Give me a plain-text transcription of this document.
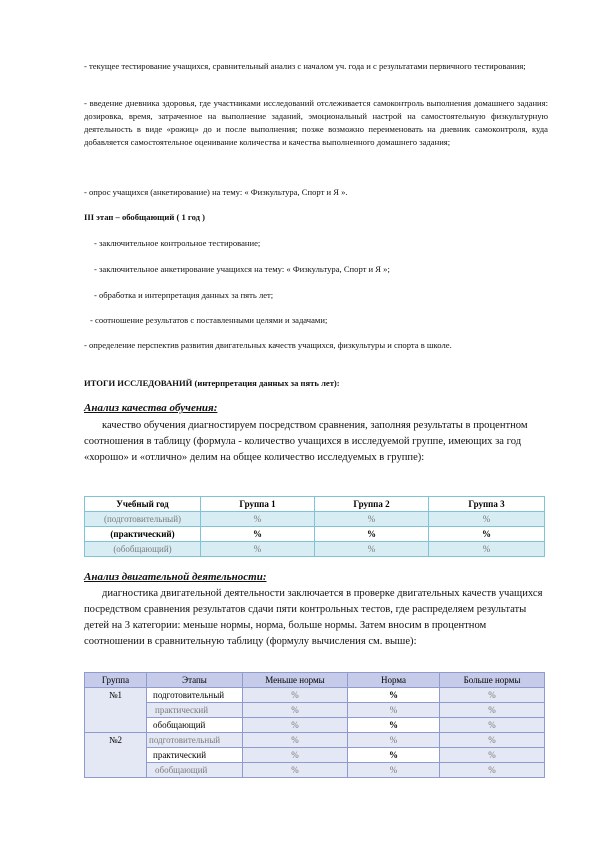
- текущее тестирование учащихся, сравнительный анализ с началом уч. года и с результатами первичного тестирования;

- введение дневника здоровья, где участниками исследований отслеживается самоконтроль выполнения домашнего задания: дозировка, время, затраченное на выполнение заданий, эмоциональный настрой на самостоятельную физкультурную деятельность в виде «рожиц» до и после выполнения; позже возможно переименовать на дневник самоконтроля, куда добавляется самостоятельное оценивание количества и качества выполненного домашнего задания;

- опрос учащихся (анкетирование) на тему: « Физкультура, Спорт и Я ».

III этап – обобщающий ( 1 год )

- заключительное контрольное тестирование;

- заключительное анкетирование учащихся на тему: « Физкультура, Спорт и Я »;

- обработка и интерпретация данных за пять лет;

- соотношение результатов с поставленными целями и задачами;

- определение перспектив развития двигательных качеств учащихся, физкультуры и спорта в школе.

ИТОГИ ИССЛЕДОВАНИЙ (интерпретация данных за пять лет):

Анализ качества обучения:

качество обучения диагностируем посредством сравнения, заполняя результаты в процентном соотношения в таблицу (формула - количество учащихся в исследуемой группе, имеющих за год «хорошо» и «отлично» делим на общее количество исследуемых в группе):

Учебный год	Группа 1	Группа 2	Группа 3
(подготовительный)	%	%	%
(практический)	%	%	%
(обобщающий)	%	%	%

Анализ двигательной деятельности:

диагностика двигательной деятельности заключается в проверке двигательных качеств учащихся посредством сравнения результатов сдачи пяти контрольных тестов, где распределяем результаты детей на 3 категории: меньше нормы, норма, больше нормы. Затем вносим в процентном соотношении в сравнительную таблицу (формулу вычисления см. выше):

Группа	Этапы	Меньше нормы	Норма	Больше нормы
№1	подготовительный	%	%	%
	практический	%	%	%
	обобщающий	%	%	%
№2	подготовительный	%	%	%
	практический	%	%	%
	обобщающий	%	%	%
